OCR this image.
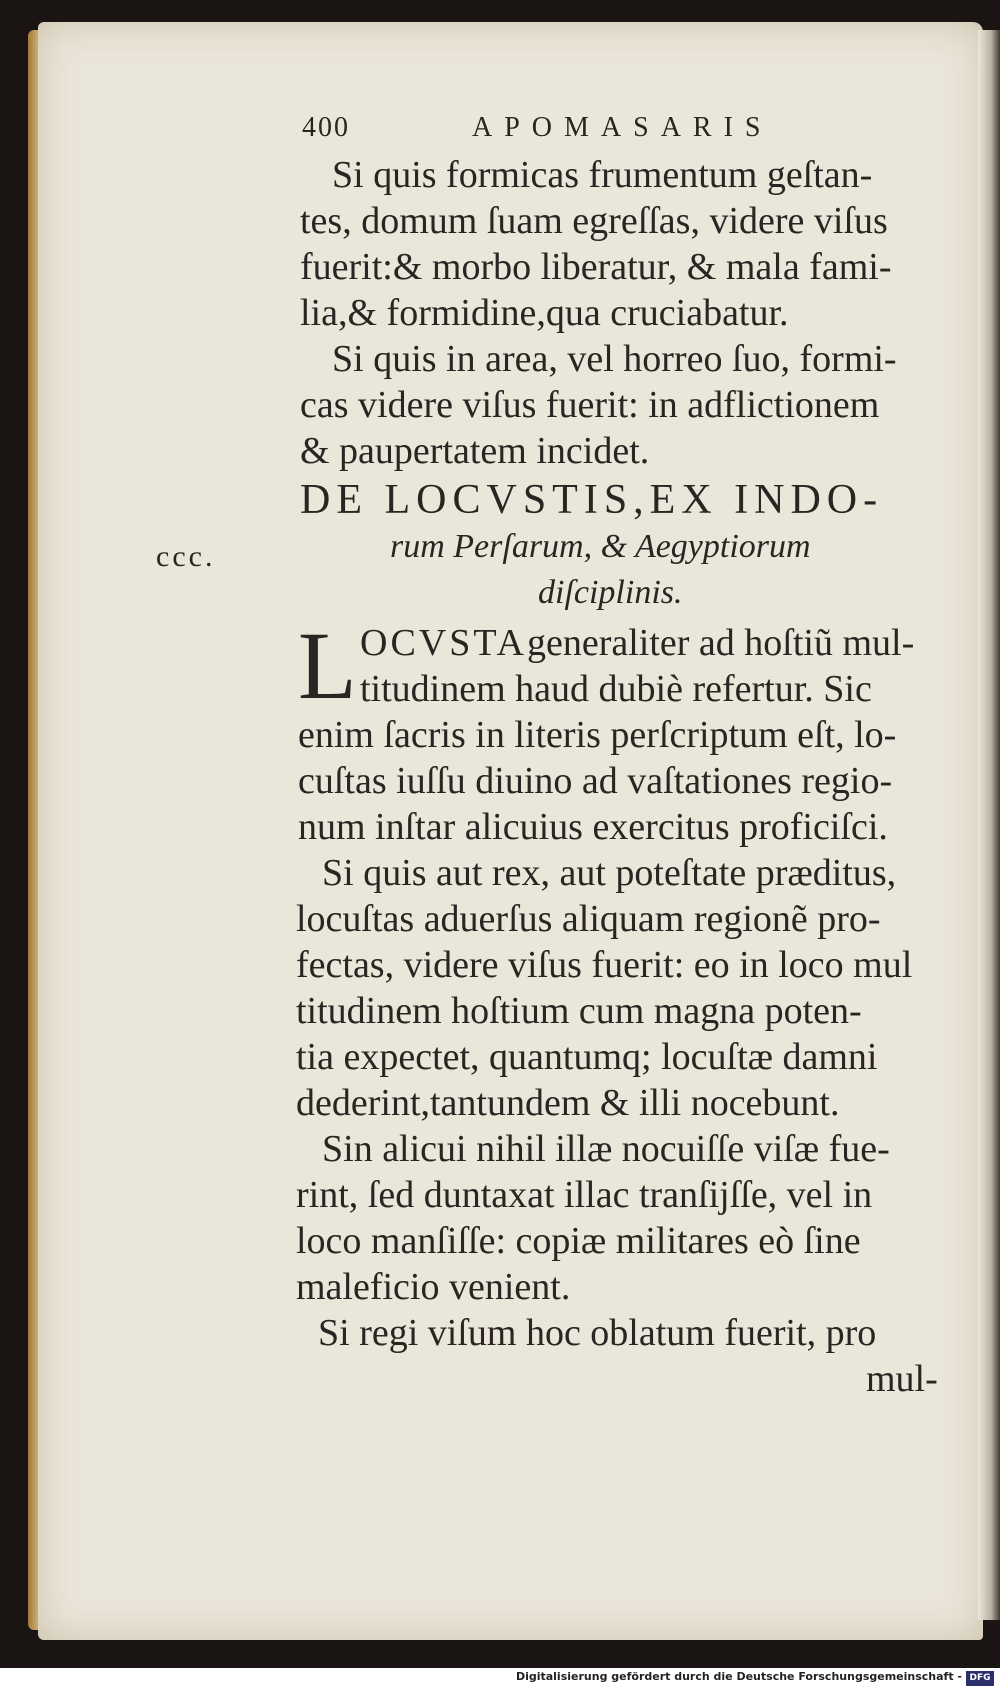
400	APOMASARIS
Si quis formicas frumentum geſtan-
tes, domum ſuam egreſſas, videre viſus
fuerit:& morbo liberatur, & mala fami-
lia,& formidine,qua cruciabatur.
Si quis in area, vel horreo ſuo, formi-
cas videre viſus fuerit: in adflictionem
& paupertatem incidet.
DE LOCVSTIS,EX INDO-
rum Perſarum, & Aegyptiorum
diſciplinis.
ccc.
L OCVSTAgeneraliter ad hoſtiũ mul-
titudinem haud dubiè refertur. Sic
enim ſacris in literis perſcriptum eſt, lo-
cuſtas iuſſu diuino ad vaſtationes regio-
num inſtar alicuius exercitus proficiſci.
Si quis aut rex, aut poteſtate præditus,
locuſtas aduerſus aliquam regionẽ pro-
fectas, videre viſus fuerit: eo in loco mul
titudinem hoſtium cum magna poten-
tia expectet, quantumq; locuſtæ damni
dederint,tantundem & illi nocebunt.
Sin alicui nihil illæ nocuiſſe viſæ fue-
rint, ſed duntaxat illac tranſijſſe, vel in
loco manſiſſe: copiæ militares eò ſine
maleficio venient.
Si regi viſum hoc oblatum fuerit, pro
mul-
Digitalisierung gefördert durch die Deutsche Forschungsgemeinschaft - DFG
